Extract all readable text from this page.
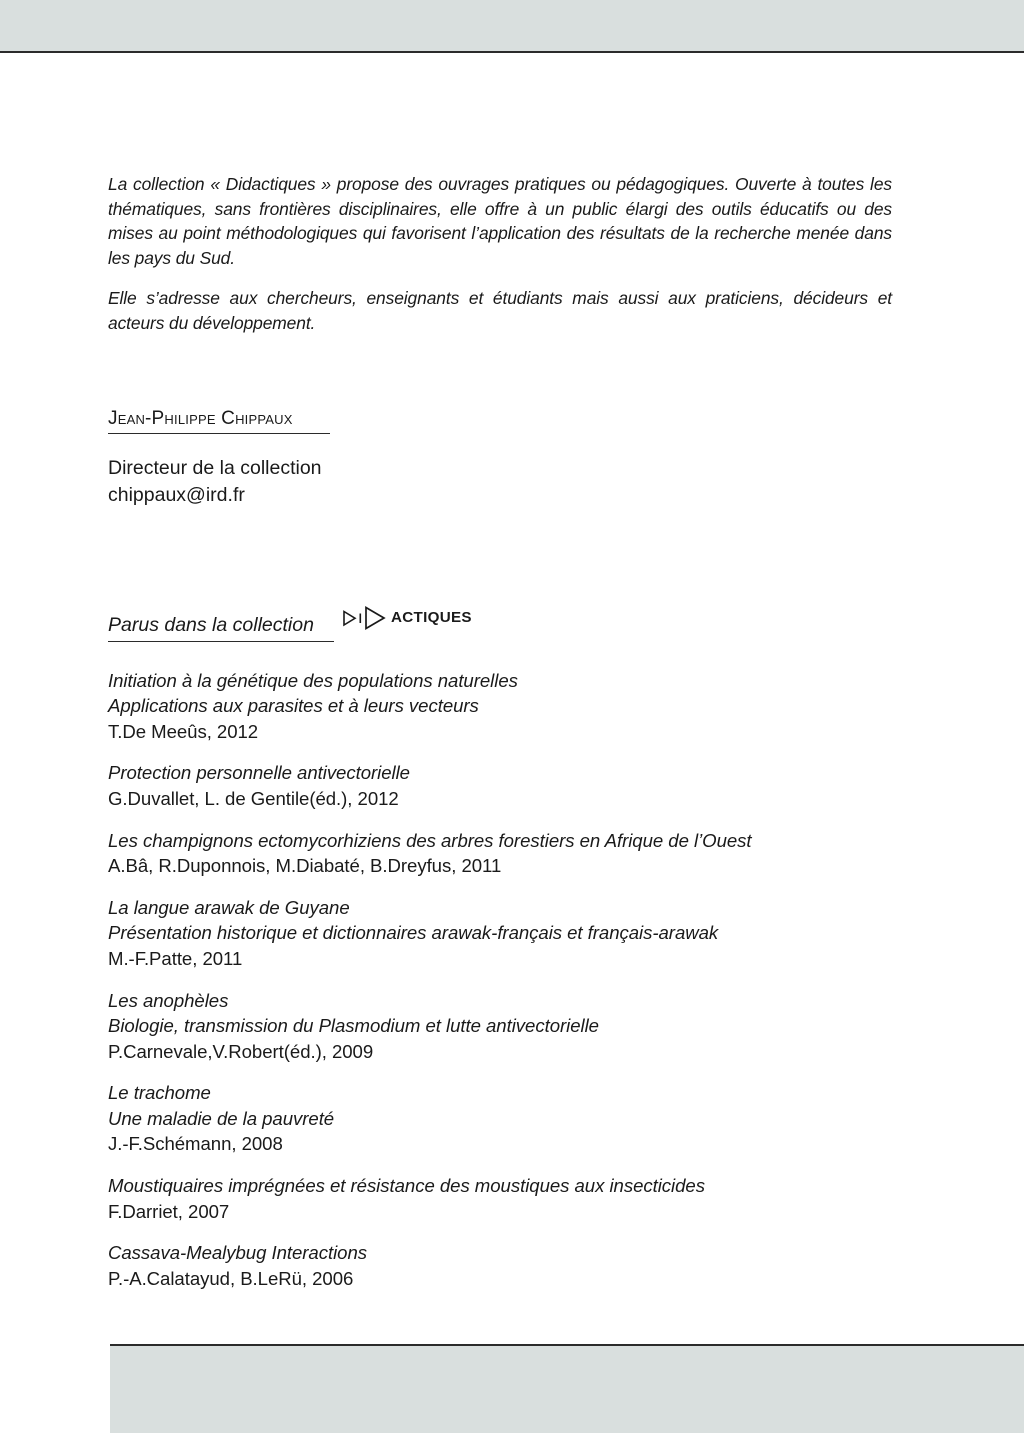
La collection « Didactiques » propose des ouvrages pratiques ou pédagogiques. Ouverte à toutes les thématiques, sans frontières disciplinaires, elle offre à un public élargi des outils éducatifs ou des mises au point méthodologiques qui favorisent l’application des résultats de la recherche menée dans les pays du Sud.

Elle s’adresse aux chercheurs, enseignants et étudiants mais aussi aux praticiens, décideurs et acteurs du développement.

Jean-Philippe Chippaux

Directeur de la collection

chippaux@ird.fr

Parus dans la collection	ACTIQUES

Initiation à la génétique des populations naturelles

Applications aux parasites et à leurs vecteurs

T.De Meeûs, 2012

Protection personnelle antivectorielle

G.Duvallet, L. de Gentile(éd.), 2012

Les champignons ectomycorhiziens des arbres forestiers en Afrique de l’Ouest

A.Bâ, R.Duponnois, M.Diabaté, B.Dreyfus, 2011

La langue arawak de Guyane

Présentation historique et dictionnaires arawak-français et français-arawak

M.-F.Patte, 2011

Les anophèles

Biologie, transmission du Plasmodium et lutte antivectorielle

P.Carnevale,V.Robert(éd.), 2009

Le trachome

Une maladie de la pauvreté

J.-F.Schémann, 2008

Moustiquaires imprégnées et résistance des moustiques aux insecticides

F.Darriet, 2007

Cassava-Mealybug Interactions

P.-A.Calatayud, B.LeRü, 2006
